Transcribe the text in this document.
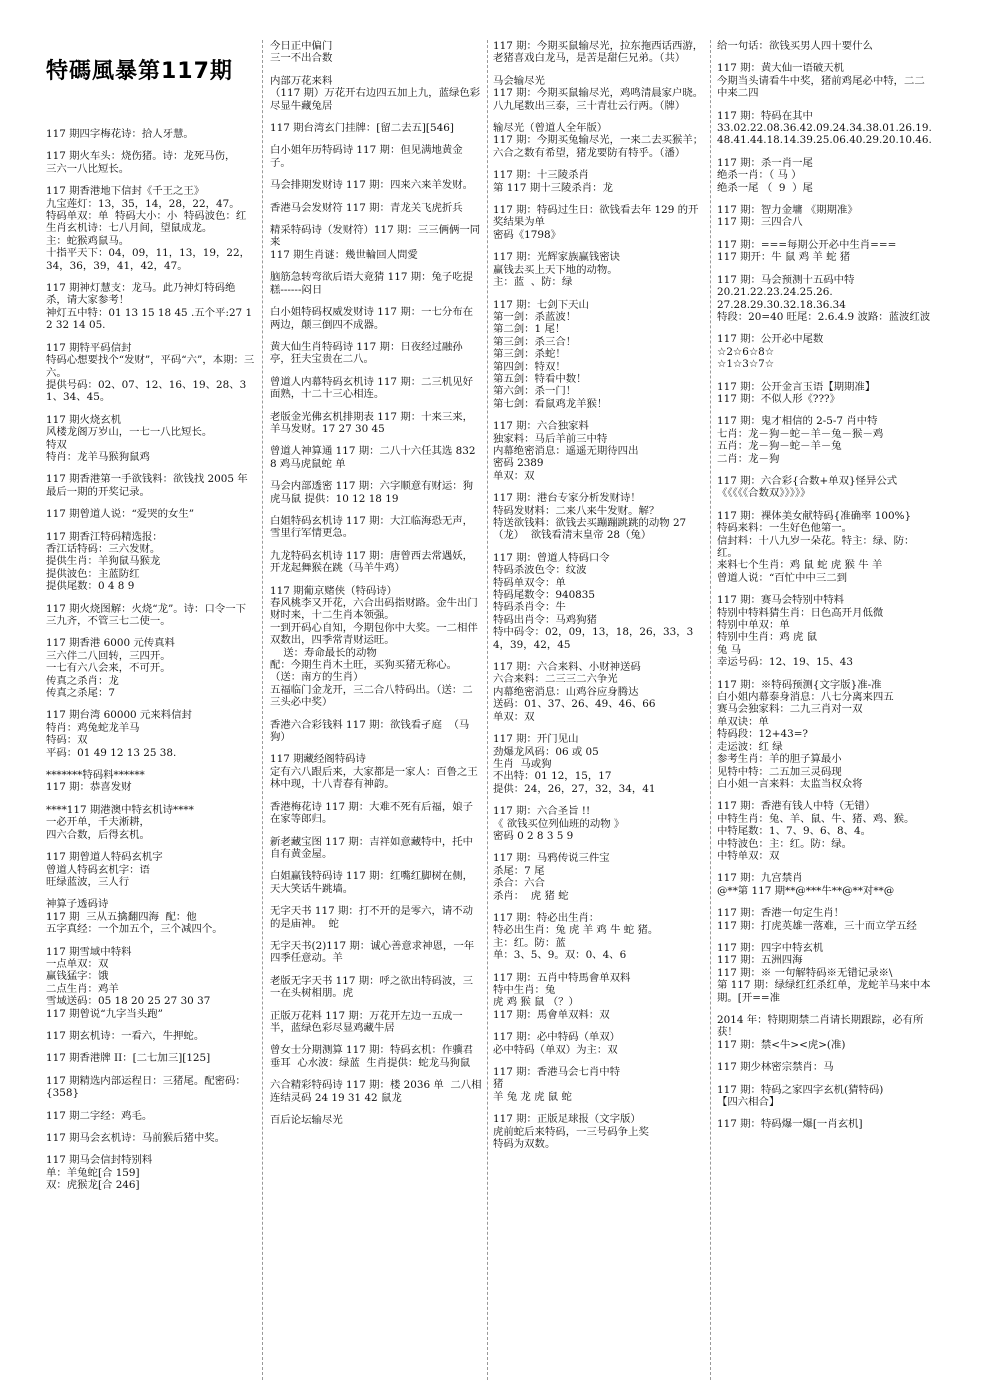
特碼風暴第117期
117 期四字梅花诗：拾人牙慧。
117 期火车头：烧伤猪。诗：龙死马伤，
三六一八比短长。
117 期香港地下信封《千王之王》
九宝莲灯：13，35，14，28，22，47。
特码单双：单  特码大小：小  特码波色：红
生肖玄机诗：七八月间，望鼠成龙。
主：蛇猴鸡鼠马。
十指平天下：04，09，11，13，19，22，34，36，39，41，42，47。
117 期神灯慧支：龙马。此乃神灯特码绝杀，请大家参考！
神灯五中特：01 13 15 18 45 .五个平:27 12 32 14 05.
117 期特平码信封
特码心想要找个“发财”，平码“六”，本期：三六。
提供号码：02、07、12、16、19、28、31、34、45。
117 期火烧玄机
风楼龙阁万岁山，一七一八比短长。
特双
特肖：龙羊马猴狗鼠鸡
117 期香港第一手欲钱料：欲钱找 2005 年最后一期的开奖记录。
117 期曾道人说：“爱哭的女生”
117 期香江特码精选报：
香江话特码：三六发财。
提供生肖：羊狗鼠马猴龙
提供波色：主蓝防红
提供尾数：0 4 8 9
117 期火烧图解：火烧“龙”。诗：口令一下三九齐，不管三七二使一。
117 期香港 6000 元传真料
三六伴二八回转，三四开。
一七有六八会来，不可开。
传真之杀肖：龙
传真之杀尾：7
117 期台湾 60000 元来料信封
特肖：鸡兔蛇龙羊马
特码：双
平码：01 49 12 13 25 38.
*******特码料******
117 期：恭喜发财
****117 期港澳中特玄机诗****
一必开单，千夫淅耕，
四六合数，后得玄机。
117 期曾道人特码玄机字
曾道人特码玄机字：语
旺绿蓝波，三人行
神算子透码诗
117 期  三从五擒翻四海  配：他
五字真经：一个加五个，三个减四个。
117 期雪域中特料
一点单双：双
赢钱猛字：饿
二点生肖：鸡羊
雪域送码：05 18 20 25 27 30 37
117 期曾说“九字当头跑”
117 期玄机诗：一看六，牛押蛇。
117 期香港牌 II：[二七加三][125]
117 期精选内部运程日：三猪尾。配密码：{358}
117 期二字经：鸡毛。
117 期马会玄机诗：马前猴后猪中奖。
117 期马会信封特别料
单：羊兔蛇[合 159]
双：虎猴龙[合 246]
今日正中偏门
三一不出合数
内部万花来料
（117 期）万花开右边四五加上九，蓝绿色彩尽显牛藏兔居
117 期台湾玄门挂牌：[留二去五][546]
白小姐年历特码诗 117 期：但见满地黄金子。
马会排期发财诗 117 期：四来六来羊发财。
香港马会发财符 117 期：青龙关飞虎折兵
精采特码诗（发财符）117 期：三三俩俩一同来
117 期生肖谜：幾世輪回人問愛
脑筋急转弯欲后语大竟猜 117 期：兔子吃提糕------闷日
白小姐特码权威发财诗 117 期：一七分布在两边，颠三倒四不成器。
黄大仙生肖特码诗 117 期：日夜经过融孙亭，狂夫宝贵在二八。
曾道人内幕特码玄机诗 117 期：二三机见好面熟，十二十三心相连。
老版金光佛玄机排期表 117 期：十来三来，羊马发财。17 27 30 45
曾道人神算通 117 期：二八十六任其选 8328 鸡马虎鼠蛇 单
马会内部透密 117 期：六字顺意有财运：狗虎马鼠 提供：10 12 18 19
白姐特码玄机诗 117 期：大江临海恐无声，雪里行军情更急。
九龙特码玄机诗 117 期：唐曾西去常遇妖，开龙起舞猴在跳（马羊牛鸡）
117 期葡京赌侠（特码诗）
春风桃李又开花，六合出码指财路。金牛出门财时来，十二生肖本领强。
一到开码心自知，今期包你中大奖。一二相伴双数出，四季常青财运旺。
送：寿命最长的动物
配：今期生肖木土旺，买狗买猪无称心。（送：南方的生肖）
五福临门金龙开，三二合八特码出。（送：二三头必中奖）
香港六合彩钱料 117 期：欲钱看孑庭  （马狗）
117 期藏经阁特码诗
定有六八跟后来，大家都是一家人：百鲁之王林中现，十八青春有神韵。
香港梅花诗 117 期：大难不死有后福，娘子在家等郎归。
新老藏宝图 117 期：吉祥如意藏特中，托中自有黄金屋。
白姐赢钱特码诗 117 期：红嘴红脚树在侧，天大笑话牛跳墙。
无字天书 117 期：打不开的是零六，请不动的是庙神。  蛇
无字天书(2)117 期：诚心善意求神恩，一年四季任意动。羊
老版无字天书 117 期：呼之欲出特码波，三一在头树相朋。虎
正版万花料 117 期：万花开左边一五成一半，蓝绿色彩尽显鸡藏牛居
曾女士分期测算 117 期：特码玄机：作骥君垂耳  心水波：绿蓝  生肖提供：蛇龙马狗鼠
六合精彩特码诗 117 期：楼 2036 单  二八相连结灵码 24 19 31 42 鼠龙
百后论坛输尽光
117 期：今期买鼠输尽光，拉东拖西话西游，老猪喜戏白龙马，是苦是甜仨兄弟。（共）
马会输尽光
117 期：今期买鼠输尽光，鸡鸣清晨家户晓。八九尾数出三泰，三十青壮云行两。（牌）
输尽光（曾道人全年版）
117 期：今期买兔输尽光，一来二去买猴羊；六合之数有希望，猪龙要防有特乎。（潘）
117 期：十三陵杀肖
第 117 期十三陵杀肖：龙
117 期：特码过生日：欲钱看去年 129 的开奖结果为单
密码《1798》
117 期：光辉家族赢钱密诀
赢钱去买上天下地的动物。
主：蓝  、防：绿
117 期：七剑下天山
第一剑：杀蓝波！
第二剑：1 尾！
第三剑：杀三合！
第三剑：杀蛇！
第四剑：特双！
第五剑：特看中数！
第六剑：杀一门！
第七剑：看鼠鸡龙羊猴！
117 期：六合独家料
独家料：马后羊前三中特
内幕绝密消息：遥遥无期待四出
密码 2389
单双：双
117 期：港台专家分析发财诗！
特码发财料：二来八来牛发财。解？
特送欲钱料：欲钱去买蹦蹦跳跳的动物 27（龙）  欲钱看清末皇帝 28（兔）
117 期：曾道人特码口令
特码杀波色令：纹波
特码单双令：单
特码尾数令：940835
特码杀肖令：牛
特码出肖令：马鸡狗猪
特中码令：02，09，13，18，26，33，34，39，42，45
117 期：六合来料、小财神送码
六合来料：二三三二六争光
内幕绝密消息：山鸡谷应身腾达
送码：01、37、26、49、46、66
单双：双
117 期：开门见山
劲爆龙风码：06 或 05
生肖  马或狗
不出特：01 12，15，17
提供：24，26，27，32，34，41
117 期：六合圣旨 !!
《 欲钱买位列仙班的动物 》
密码 0 2 8 3 5 9
117 期：马鸦传说三件宝
杀尾：7 尾
杀合：六合
杀肖：  虎 猪 蛇
117 期：特必出生肖：
特必出生肖：兔 虎 羊 鸡 牛 蛇 猪。
主：红。防：蓝
单：3、5、9。双：0、4、6
117 期：五肖中特馬會单双料
特中生肖：兔
虎 鸡 猴 鼠 （？）
117 期：馬會单双料：双
117 期：必中特码（单双）
必中特码（单双）为主：双
117 期：香港马会七肖中特
猪
羊 兔 龙 虎 鼠 蛇
117 期：正版足球报（文字版）
虎前蛇后来特码，一三号码争上奖
特码为双数。
给一句话：欲钱买男人四十要什么
117 期：黄大仙一语破天机
今期当头请看牛中奖，猪前鸡尾必中特，二二中来二四
117 期：特码在其中
33.02.22.08.36.42.09.24.34.38.01.26.19.
48.41.44.18.14.39.25.06.40.29.20.10.46.
117 期：杀一肖一尾
绝杀一肖：（ 马 ）
绝杀一尾 （  9  ）尾
117 期：智力金墉 《期期准》
117 期：三四合八
117 期：===每期公开必中生肖===
117 期开：牛 鼠 鸡 羊 蛇 猪
117 期：马会预测十五码中特
20.21.22.23.24.25.26.
27.28.29.30.32.18.36.34
特段：20=40 旺尾：2.6.4.9 波路：蓝波红波
117 期：公开必中尾数
☆2☆6☆8☆
☆1☆3☆7☆
117 期：公开金言玉语【期期准】
117 期：不似人形《???》
117 期：鬼才相信的 2-5-7 肖中特
七肖：龙－狗－蛇－羊－兔－猴－鸡
五肖：龙－狗－蛇－羊－兔
二肖：龙－狗
117 期：六合彩{合数+单双}怪异公式
《《《《《合数双》》》》》
117 期：裸体美女献特码{准确率 100%}
特码来料：一生好色他第一。
信封料：十八九岁一朵花。特主：绿、防：红。
来料七个生肖：鸡 鼠 蛇 虎 猴 牛 羊
曾道人说：“百忙中中三二到
117 期：赛马会特别中特料
特别中特料猜生肖：日色高开月低微
特别中单双：单
特别中生肖：鸡 虎 鼠
兔 马
幸运号码：12、19、15、43
117 期：※特码预测{文字版}准-准
白小姐内幕泰身消息：八七分离来四五
赛马会独家料：二九三肖对一双
单双诀：单
特码段：12+43=?
走运波：红 绿
参考生肖：羊的胆子算最小
见特中特：二五加三灵码现
白小姐一言来料：太监当权众将
117 期：香港有钱人中特（无错）
中特生肖：兔、羊、鼠、牛、猪、鸡、猴。
中特尾数：1、7、9、6、8、4。
中特波色：主：红。防：绿。
中特单双：双
117 期：九宫禁肖
@**第 117 期**@***牛**@**对**@
117 期：香港一句定生肖！
117 期：打虎英雄一落难，三十而立学五经
117 期：四字中特玄机
117 期：五洲四海
117 期：※ 一句解特码※无错记录※\
第 117 期：绿绿红红杀红单，龙蛇羊马来中本期。[开==准
2014 年：特期期禁二肖请长期跟踪，必有所获！
117 期：禁<牛><虎>(准)
117 期少林密宗禁肖：马
117 期：特码之家四字玄机(猜特码)
【四六相合】
117 期：特码爆一爆[一肖玄机]
